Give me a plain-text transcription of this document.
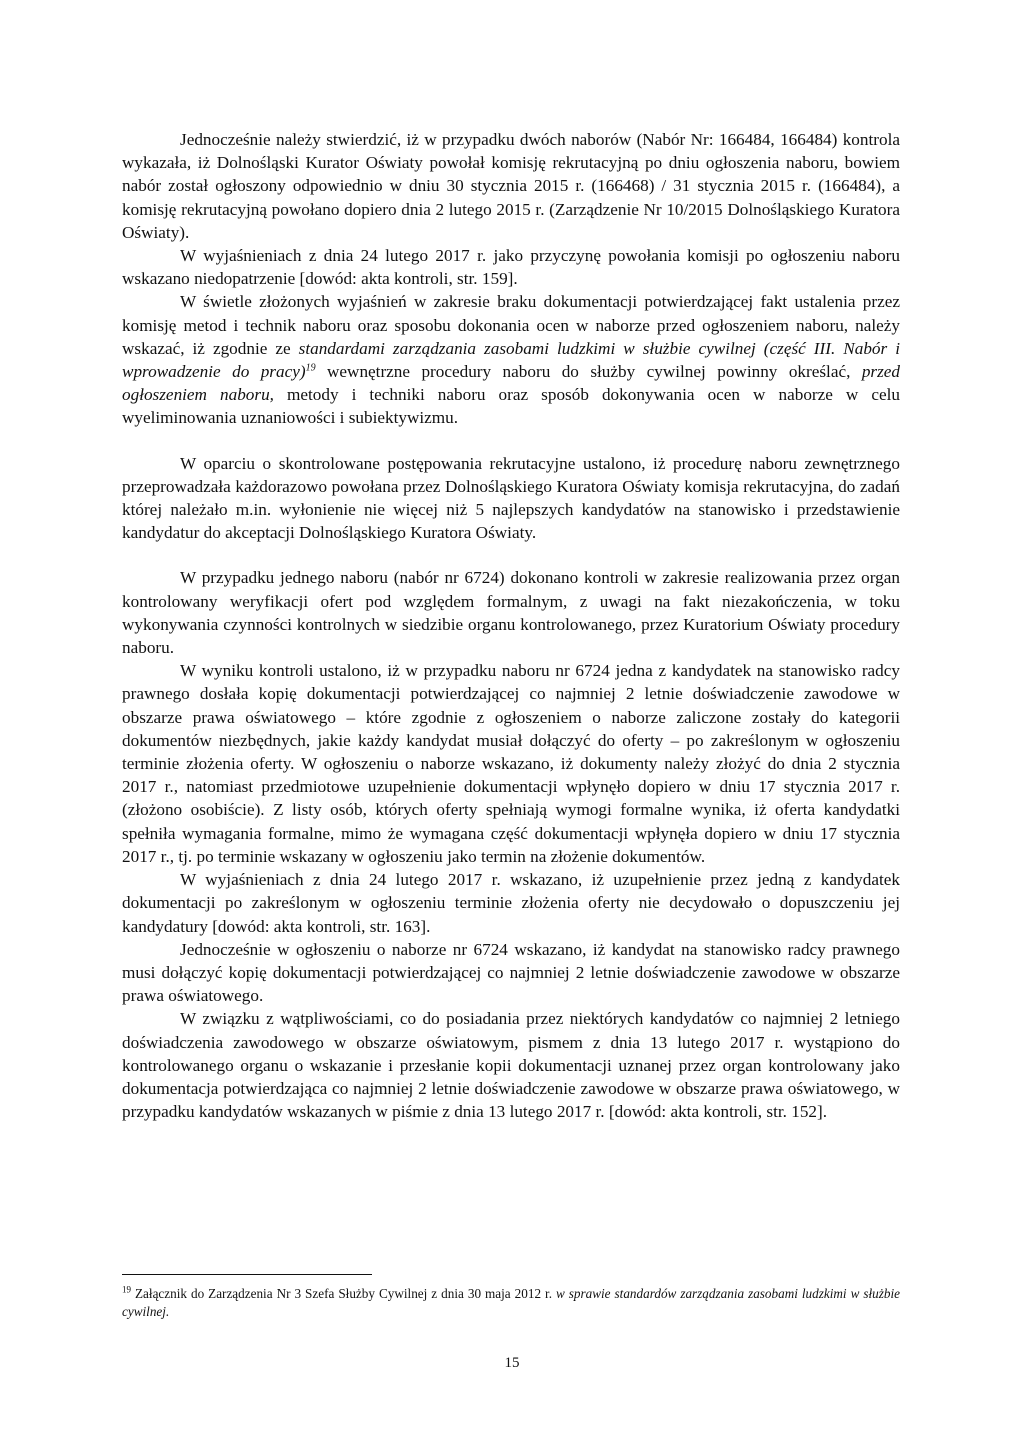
Jednocześnie należy stwierdzić, iż w przypadku dwóch naborów (Nabór Nr: 166484, 166484) kontrola wykazała, iż Dolnośląski Kurator Oświaty powołał komisję rekrutacyjną po dniu ogłoszenia naboru, bowiem nabór został ogłoszony odpowiednio w dniu 30 stycznia 2015 r. (166468) / 31 stycznia 2015 r. (166484), a komisję rekrutacyjną powołano dopiero dnia 2 lutego 2015 r. (Zarządzenie Nr 10/2015 Dolnośląskiego Kuratora Oświaty).

W wyjaśnieniach z dnia 24 lutego 2017 r. jako przyczynę powołania komisji po ogłoszeniu naboru wskazano niedopatrzenie [dowód: akta kontroli, str. 159].

W świetle złożonych wyjaśnień w zakresie braku dokumentacji potwierdzającej fakt ustalenia przez komisję metod i technik naboru oraz sposobu dokonania ocen w naborze przed ogłoszeniem naboru, należy wskazać, iż zgodnie ze standardami zarządzania zasobami ludzkimi w służbie cywilnej (część III. Nabór i wprowadzenie do pracy)$^{19}$ wewnętrzne procedury naboru do służby cywilnej powinny określać, przed ogłoszeniem naboru, metody i techniki naboru oraz sposób dokonywania ocen w naborze w celu wyeliminowania uznaniowości i subiektywizmu.

W oparciu o skontrolowane postępowania rekrutacyjne ustalono, iż procedurę naboru zewnętrznego przeprowadzała każdorazowo powołana przez Dolnośląskiego Kuratora Oświaty komisja rekrutacyjna, do zadań której należało m.in. wyłonienie nie więcej niż 5 najlepszych kandydatów na stanowisko i przedstawienie kandydatur do akceptacji Dolnośląskiego Kuratora Oświaty.

W przypadku jednego naboru (nabór nr 6724) dokonano kontroli w zakresie realizowania przez organ kontrolowany weryfikacji ofert pod względem formalnym, z uwagi na fakt niezakończenia, w toku wykonywania czynności kontrolnych w siedzibie organu kontrolowanego, przez Kuratorium Oświaty procedury naboru.

W wyniku kontroli ustalono, iż w przypadku naboru nr 6724 jedna z kandydatek na stanowisko radcy prawnego dosłała kopię dokumentacji potwierdzającej co najmniej 2 letnie doświadczenie zawodowe w obszarze prawa oświatowego – które zgodnie z ogłoszeniem o naborze zaliczone zostały do kategorii dokumentów niezbędnych, jakie każdy kandydat musiał dołączyć do oferty – po zakreślonym w ogłoszeniu terminie złożenia oferty. W ogłoszeniu o naborze wskazano, iż dokumenty należy złożyć do dnia 2 stycznia 2017 r., natomiast przedmiotowe uzupełnienie dokumentacji wpłynęło dopiero w dniu 17 stycznia 2017 r. (złożono osobiście). Z listy osób, których oferty spełniają wymogi formalne wynika, iż oferta kandydatki spełniła wymagania formalne, mimo że wymagana część dokumentacji wpłynęła dopiero w dniu 17 stycznia 2017 r., tj. po terminie wskazany w ogłoszeniu jako termin na złożenie dokumentów.

W wyjaśnieniach z dnia 24 lutego 2017 r. wskazano, iż uzupełnienie przez jedną z kandydatek dokumentacji po zakreślonym w ogłoszeniu terminie złożenia oferty nie decydowało o dopuszczeniu jej kandydatury [dowód: akta kontroli, str. 163].

Jednocześnie w ogłoszeniu o naborze nr 6724 wskazano, iż kandydat na stanowisko radcy prawnego musi dołączyć kopię dokumentacji potwierdzającej co najmniej 2 letnie doświadczenie zawodowe w obszarze prawa oświatowego.

W związku z wątpliwościami, co do posiadania przez niektórych kandydatów co najmniej 2 letniego doświadczenia zawodowego w obszarze oświatowym, pismem z dnia 13 lutego 2017 r. wystąpiono do kontrolowanego organu o wskazanie i przesłanie kopii dokumentacji uznanej przez organ kontrolowany jako dokumentacja potwierdzająca co najmniej 2 letnie doświadczenie zawodowe w obszarze prawa oświatowego, w przypadku kandydatów wskazanych w piśmie z dnia 13 lutego 2017 r. [dowód: akta kontroli, str. 152].

$^{19}$ Załącznik do Zarządzenia Nr 3 Szefa Służby Cywilnej z dnia 30 maja 2012 r. w sprawie standardów zarządzania zasobami ludzkimi w służbie cywilnej.

15
